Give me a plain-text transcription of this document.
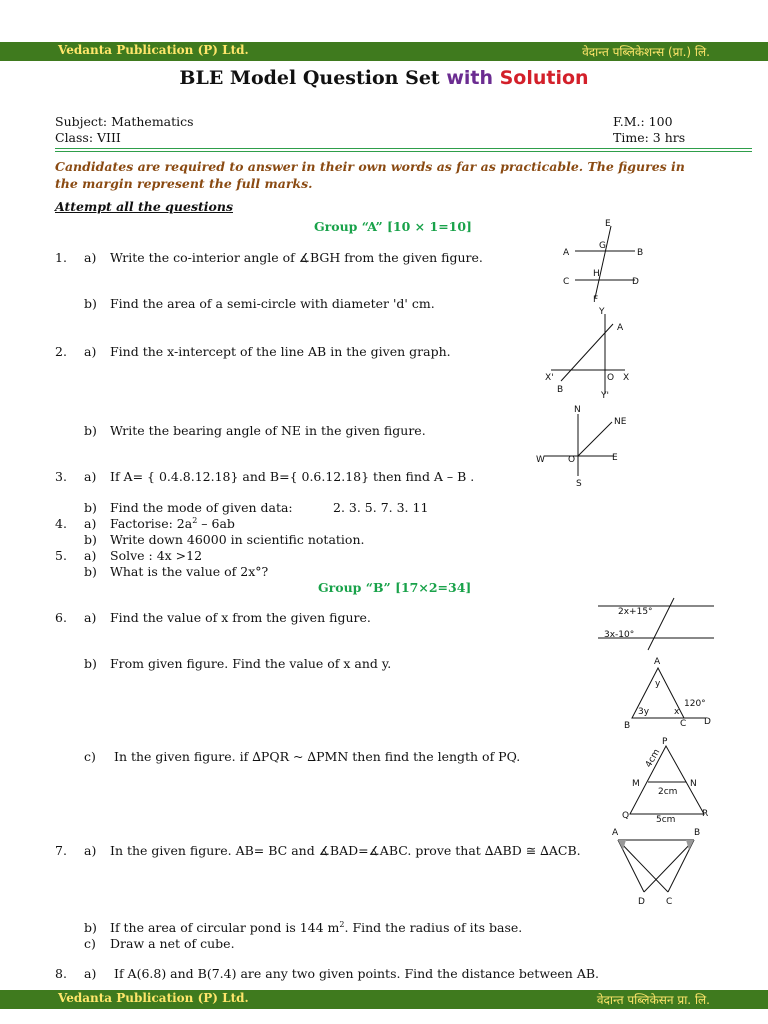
Vedanta Publication (P) Ltd.	वेदान्त पब्लिकेशन्स (प्रा.) लि.
BLE Model Question Set with Solution
Subject: Mathematics
Class: VIII
F.M.: 100
Time: 3 hrs
Candidates are required to answer in their own words as far as practicable. The figures in the margin represent the full marks.
Attempt all the questions
Group “A” [10 × 1=10]
1. a) Write the co-interior angle of ∡BGH from the given figure.
b) Find the area of a semi-circle with diameter 'd' cm.
2. a) Find the x-intercept of the line AB in the given graph.
b) Write the bearing angle of NE in the given figure.
3. a) If A= { 0.4.8.12.18} and B={ 0.6.12.18} then find A – B .
b) Find the mode of given data:	2. 3. 5. 7. 3. 11
4. a) Factorise: $2a^2 - 6ab$
b) Write down 46000 in scientific notation.
5. a) Solve : 4x >12
b) What is the value of 2x°?
Group “B” [17×2=34]
6. a) Find the value of x from the given figure.
b) From given figure. Find the value of x and y.
c) In the given figure. if ∆PQR ~ ∆PMN then find the length of PQ.
7. a) In the given figure. AB= BC and ∡BAD=∡ABC. prove that ∆ABD ≅ ∆ACB.
b) If the area of circular pond is 144 $m^2$. Find the radius of its base.
c) Draw a net of cube.
8. a) If A(6.8) and B(7.4) are any two given points. Find the distance between AB.
E
A
G
B
H
C	D
F
Y
A
X'	O X
B
Y'
N
NE
W	O	E
S
2x+15°
3x-10°
A
y
120°
3y	x
B	C D
P
4cm
M	N
2cm
Q	R
5cm
A	B
D C
Vedanta Publication (P) Ltd.	वेदान्त पब्लिकेसन प्रा. लि.
